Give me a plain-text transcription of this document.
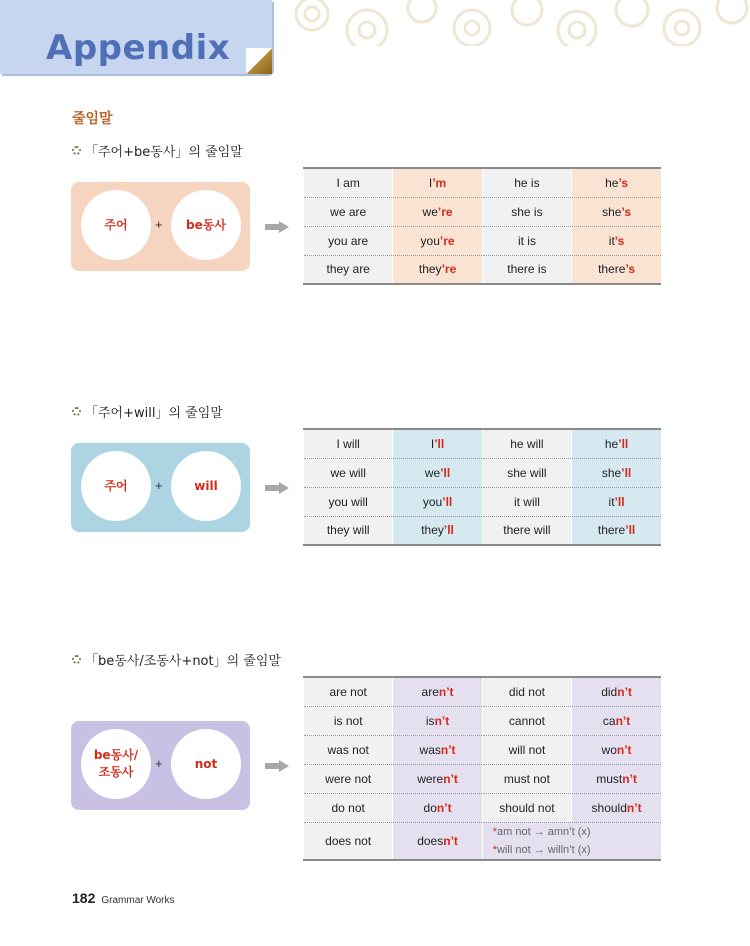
Appendix
줄임말
「주어+be동사」의 줄임말
주어	+	be동사
I am	I’m	he is	he’s
we are	we’re	she is	she’s
you are	you’re	it is	it’s
they are	they’re	there is	there’s
「주어+will」의 줄임말
주어	+	will
I will	I’ll	he will	he’ll
we will	we’ll	she will	she’ll
you will	you’ll	it will	it’ll
they will	they’ll	there will	there’ll
「be동사/조동사+not」의 줄임말
be동사/
조동사
+	not
are not	aren’t	did not	didn’t
is not	isn’t	cannot	can’t
was not	wasn’t	will not	won’t
were not	weren’t	must not	mustn’t
do not	don’t	should not	shouldn’t
does not	doesn’t	*am not → amn’t (x)
*will not → willn’t (x)	
182 Grammar Works
